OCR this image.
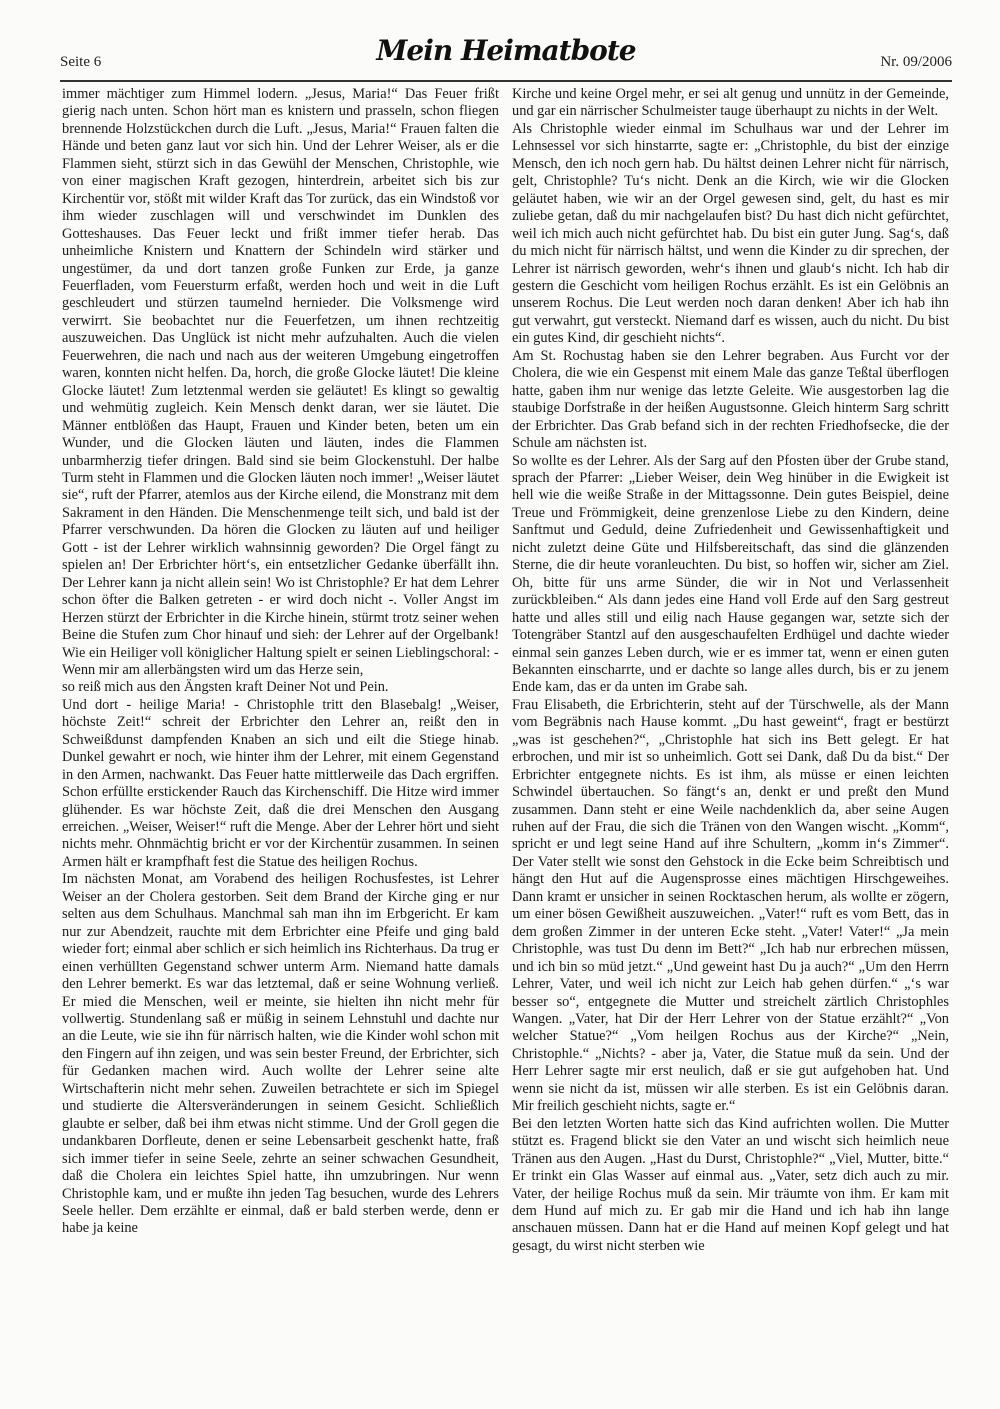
Seite 6	Mein Heimatbote	Nr. 09/2006

immer mächtiger zum Himmel lodern. „Jesus, Maria!“ Das Feuer frißt gierig nach unten. Schon hört man es knistern und prasseln, schon fliegen brennende Holzstückchen durch die Luft. „Jesus, Maria!“ Frauen falten die Hände und beten ganz laut vor sich hin. Und der Lehrer Weiser, als er die Flammen sieht, stürzt sich in das Gewühl der Menschen, Christophle, wie von einer magischen Kraft gezogen, hinterdrein, arbeitet sich bis zur Kirchentür vor, stößt mit wilder Kraft das Tor zurück, das ein Windstoß vor ihm wieder zuschlagen will und verschwindet im Dunklen des Gotteshauses. Das Feuer leckt und frißt immer tiefer herab. Das unheimliche Knistern und Knattern der Schindeln wird stärker und ungestümer, da und dort tanzen große Funken zur Erde, ja ganze Feuerfladen, vom Feuersturm erfaßt, werden hoch und weit in die Luft geschleudert und stürzen taumelnd hernieder. Die Volksmenge wird verwirrt. Sie beobachtet nur die Feuerfetzen, um ihnen rechtzeitig auszuweichen. Das Unglück ist nicht mehr aufzuhalten. Auch die vielen Feuerwehren, die nach und nach aus der weiteren Umgebung eingetroffen waren, konnten nicht helfen. Da, horch, die große Glocke läutet! Die kleine Glocke läutet! Zum letztenmal werden sie geläutet! Es klingt so gewaltig und wehmütig zugleich. Kein Mensch denkt daran, wer sie läutet. Die Männer entblößen das Haupt, Frauen und Kinder beten, beten um ein Wunder, und die Glocken läuten und läuten, indes die Flammen unbarmherzig tiefer dringen. Bald sind sie beim Glockenstuhl. Der halbe Turm steht in Flammen und die Glocken läuten noch immer! „Weiser läutet sie“, ruft der Pfarrer, atemlos aus der Kirche eilend, die Monstranz mit dem Sakrament in den Händen. Die Menschenmenge teilt sich, und bald ist der Pfarrer verschwunden. Da hören die Glocken zu läuten auf und heiliger Gott - ist der Lehrer wirklich wahnsinnig geworden? Die Orgel fängt zu spielen an! Der Erbrichter hört‘s, ein entsetzlicher Gedanke überfällt ihn. Der Lehrer kann ja nicht allein sein! Wo ist Christophle? Er hat dem Lehrer schon öfter die Balken getreten - er wird doch nicht -. Voller Angst im Herzen stürzt der Erbrichter in die Kirche hinein, stürmt trotz seiner wehen Beine die Stufen zum Chor hinauf und sieh: der Lehrer auf der Orgelbank! Wie ein Heiliger voll königlicher Haltung spielt er seinen Lieblingschoral: -

Wenn mir am allerbängsten wird um das Herze sein,

so reiß mich aus den Ängsten kraft Deiner Not und Pein.

Und dort - heilige Maria! - Christophle tritt den Blasebalg! „Weiser, höchste Zeit!“ schreit der Erbrichter den Lehrer an, reißt den in Schweißdunst dampfenden Knaben an sich und eilt die Stiege hinab. Dunkel gewahrt er noch, wie hinter ihm der Lehrer, mit einem Gegenstand in den Armen, nachwankt. Das Feuer hatte mittlerweile das Dach ergriffen. Schon erfüllte erstickender Rauch das Kirchenschiff. Die Hitze wird immer glühender. Es war höchste Zeit, daß die drei Menschen den Ausgang erreichen. „Weiser, Weiser!“ ruft die Menge. Aber der Lehrer hört und sieht nichts mehr. Ohnmächtig bricht er vor der Kirchentür zusammen. In seinen Armen hält er krampfhaft fest die Statue des heiligen Rochus.

Im nächsten Monat, am Vorabend des heiligen Rochusfestes, ist Lehrer Weiser an der Cholera gestorben. Seit dem Brand der Kirche ging er nur selten aus dem Schulhaus. Manchmal sah man ihn im Erbgericht. Er kam nur zur Abendzeit, rauchte mit dem Erbrichter eine Pfeife und ging bald wieder fort; einmal aber schlich er sich heimlich ins Richterhaus. Da trug er einen verhüllten Gegenstand schwer unterm Arm. Niemand hatte damals den Lehrer bemerkt. Es war das letztemal, daß er seine Wohnung verließ. Er mied die Menschen, weil er meinte, sie hielten ihn nicht mehr für vollwertig. Stundenlang saß er müßig in seinem Lehnstuhl und dachte nur an die Leute, wie sie ihn für närrisch halten, wie die Kinder wohl schon mit den Fingern auf ihn zeigen, und was sein bester Freund, der Erbrichter, sich für Gedanken machen wird. Auch wollte der Lehrer seine alte Wirtschafterin nicht mehr sehen. Zuweilen betrachtete er sich im Spiegel und studierte die Altersveränderungen in seinem Gesicht. Schließlich glaubte er selber, daß bei ihm etwas nicht stimme. Und der Groll gegen die undankbaren Dorfleute, denen er seine Lebensarbeit geschenkt hatte, fraß sich immer tiefer in seine Seele, zehrte an seiner schwachen Gesundheit, daß die Cholera ein leichtes Spiel hatte, ihn umzubringen. Nur wenn Christophle kam, und er mußte ihn jeden Tag besuchen, wurde des Lehrers Seele heller. Dem erzählte er einmal, daß er bald sterben werde, denn er habe ja keine

Kirche und keine Orgel mehr, er sei alt genug und unnütz in der Gemeinde, und gar ein närrischer Schulmeister tauge überhaupt zu nichts in der Welt.

Als Christophle wieder einmal im Schulhaus war und der Lehrer im Lehnsessel vor sich hinstarrte, sagte er: „Christophle, du bist der einzige Mensch, den ich noch gern hab. Du hältst deinen Lehrer nicht für närrisch, gelt, Christophle? Tu‘s nicht. Denk an die Kirch, wie wir die Glocken geläutet haben, wie wir an der Orgel gewesen sind, gelt, du hast es mir zuliebe getan, daß du mir nachgelaufen bist? Du hast dich nicht gefürchtet, weil ich mich auch nicht gefürchtet hab. Du bist ein guter Jung. Sag‘s, daß du mich nicht für närrisch hältst, und wenn die Kinder zu dir sprechen, der Lehrer ist närrisch geworden, wehr‘s ihnen und glaub‘s nicht. Ich hab dir gestern die Geschicht vom heiligen Rochus erzählt. Es ist ein Gelöbnis an unserem Rochus. Die Leut werden noch daran denken! Aber ich hab ihn gut verwahrt, gut versteckt. Niemand darf es wissen, auch du nicht. Du bist ein gutes Kind, dir geschieht nichts“.

Am St. Rochustag haben sie den Lehrer begraben. Aus Furcht vor der Cholera, die wie ein Gespenst mit einem Male das ganze Teßtal überflogen hatte, gaben ihm nur wenige das letzte Geleite. Wie ausgestorben lag die staubige Dorfstraße in der heißen Augustsonne. Gleich hinterm Sarg schritt der Erbrichter. Das Grab befand sich in der rechten Friedhofsecke, die der Schule am nächsten ist.

So wollte es der Lehrer. Als der Sarg auf den Pfosten über der Grube stand, sprach der Pfarrer: „Lieber Weiser, dein Weg hinüber in die Ewigkeit ist hell wie die weiße Straße in der Mittagssonne. Dein gutes Beispiel, deine Treue und Frömmigkeit, deine grenzenlose Liebe zu den Kindern, deine Sanftmut und Geduld, deine Zufriedenheit und Gewissenhaftigkeit und nicht zuletzt deine Güte und Hilfsbereitschaft, das sind die glänzenden Sterne, die dir heute voranleuchten. Du bist, so hoffen wir, sicher am Ziel. Oh, bitte für uns arme Sünder, die wir in Not und Verlassenheit zurückbleiben.“ Als dann jedes eine Hand voll Erde auf den Sarg gestreut hatte und alles still und eilig nach Hause gegangen war, setzte sich der Totengräber Stantzl auf den ausgeschaufelten Erdhügel und dachte wieder einmal sein ganzes Leben durch, wie er es immer tat, wenn er einen guten Bekannten einscharrte, und er dachte so lange alles durch, bis er zu jenem Ende kam, das er da unten im Grabe sah.

Frau Elisabeth, die Erbrichterin, steht auf der Türschwelle, als der Mann vom Begräbnis nach Hause kommt. „Du hast geweint“, fragt er bestürzt „was ist geschehen?“, „Christophle hat sich ins Bett gelegt. Er hat erbrochen, und mir ist so unheimlich. Gott sei Dank, daß Du da bist.“ Der Erbrichter entgegnete nichts. Es ist ihm, als müsse er einen leichten Schwindel übertauchen. So fängt‘s an, denkt er und preßt den Mund zusammen. Dann steht er eine Weile nachdenklich da, aber seine Augen ruhen auf der Frau, die sich die Tränen von den Wangen wischt. „Komm“, spricht er und legt seine Hand auf ihre Schultern, „komm in‘s Zimmer“. Der Vater stellt wie sonst den Gehstock in die Ecke beim Schreibtisch und hängt den Hut auf die Augensprosse eines mächtigen Hirschgeweihes. Dann kramt er unsicher in seinen Rocktaschen herum, als wollte er zögern, um einer bösen Gewißheit auszuweichen. „Vater!“ ruft es vom Bett, das in dem großen Zimmer in der unteren Ecke steht. „Vater! Vater!“ „Ja mein Christophle, was tust Du denn im Bett?“ „Ich hab nur erbrechen müssen, und ich bin so müd jetzt.“ „Und geweint hast Du ja auch?“ „Um den Herrn Lehrer, Vater, und weil ich nicht zur Leich hab gehen dürfen.“ „‘s war besser so“, entgegnete die Mutter und streichelt zärtlich Christophles Wangen. „Vater, hat Dir der Herr Lehrer von der Statue erzählt?“ „Von welcher Statue?“ „Vom heilgen Rochus aus der Kirche?“ „Nein, Christophle.“ „Nichts? - aber ja, Vater, die Statue muß da sein. Und der Herr Lehrer sagte mir erst neulich, daß er sie gut aufgehoben hat. Und wenn sie nicht da ist, müssen wir alle sterben. Es ist ein Gelöbnis daran. Mir freilich geschieht nichts, sagte er.“

Bei den letzten Worten hatte sich das Kind aufrichten wollen. Die Mutter stützt es. Fragend blickt sie den Vater an und wischt sich heimlich neue Tränen aus den Augen. „Hast du Durst, Christophle?“ „Viel, Mutter, bitte.“ Er trinkt ein Glas Wasser auf einmal aus. „Vater, setz dich auch zu mir. Vater, der heilige Rochus muß da sein. Mir träumte von ihm. Er kam mit dem Hund auf mich zu. Er gab mir die Hand und ich hab ihn lange anschauen müssen. Dann hat er die Hand auf meinen Kopf gelegt und hat gesagt, du wirst nicht sterben wie
